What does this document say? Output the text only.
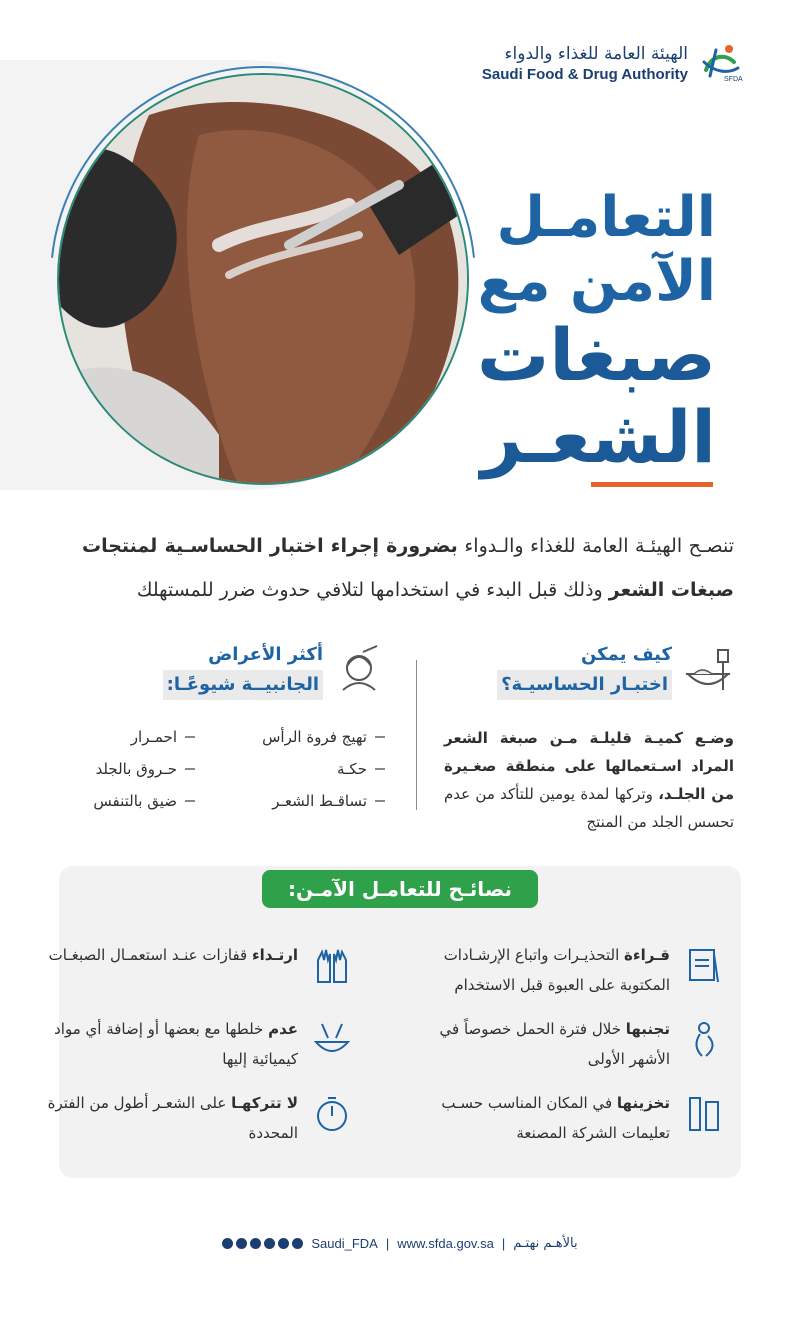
الهيئة العامة للغذاء والدواء
Saudi Food & Drug Authority	SFDA
التعامـل
الآمن مع
صبغات
الشعـر

تنصـح الهيئـة العامة للغذاء والـدواء بضرورة إجراء اختبار الحساسـية لمنتجات صبغات الشعر وذلك قبل البدء في استخدامها لتلافي حدوث ضرر للمستهلك

كيف يمكن
اختبـار الحساسيـة؟

وضـع كميـة قليلـة مـن صبغة الشعر المراد اسـتعمالها على منطقة صغـيرة من الجلـد، وتركها لمدة يومين للتأكد من عدم تحسس الجلد من المنتج

أكثر الأعراض
الجانبيــة شيوعًـا:
تهيج فروة الرأس
احمـرار
حكـة
حـروق بالجلد
تساقـط الشعـر
ضيق بالتنفس
نصائـح للتعامـل الآمـن:
قـراءة التحذيـرات واتباع الإرشـادات المكتوبة على العبوة قبل الاستخدام
تجنبها خلال فترة الحمل خصوصاً في الأشهر الأولى
تخزينها في المكان المناسب حسـب تعليمات الشركة المصنعة
ارتـداء قفازات عنـد استعمـال الصبغـات
عدم خلطها مع بعضها أو إضافة أي مواد كيميائية إليها
لا تتركهـا على الشعـر أطول من الفترة المحددة
Saudi_FDA | www.sfda.gov.sa | بالأهـم نهتـم
